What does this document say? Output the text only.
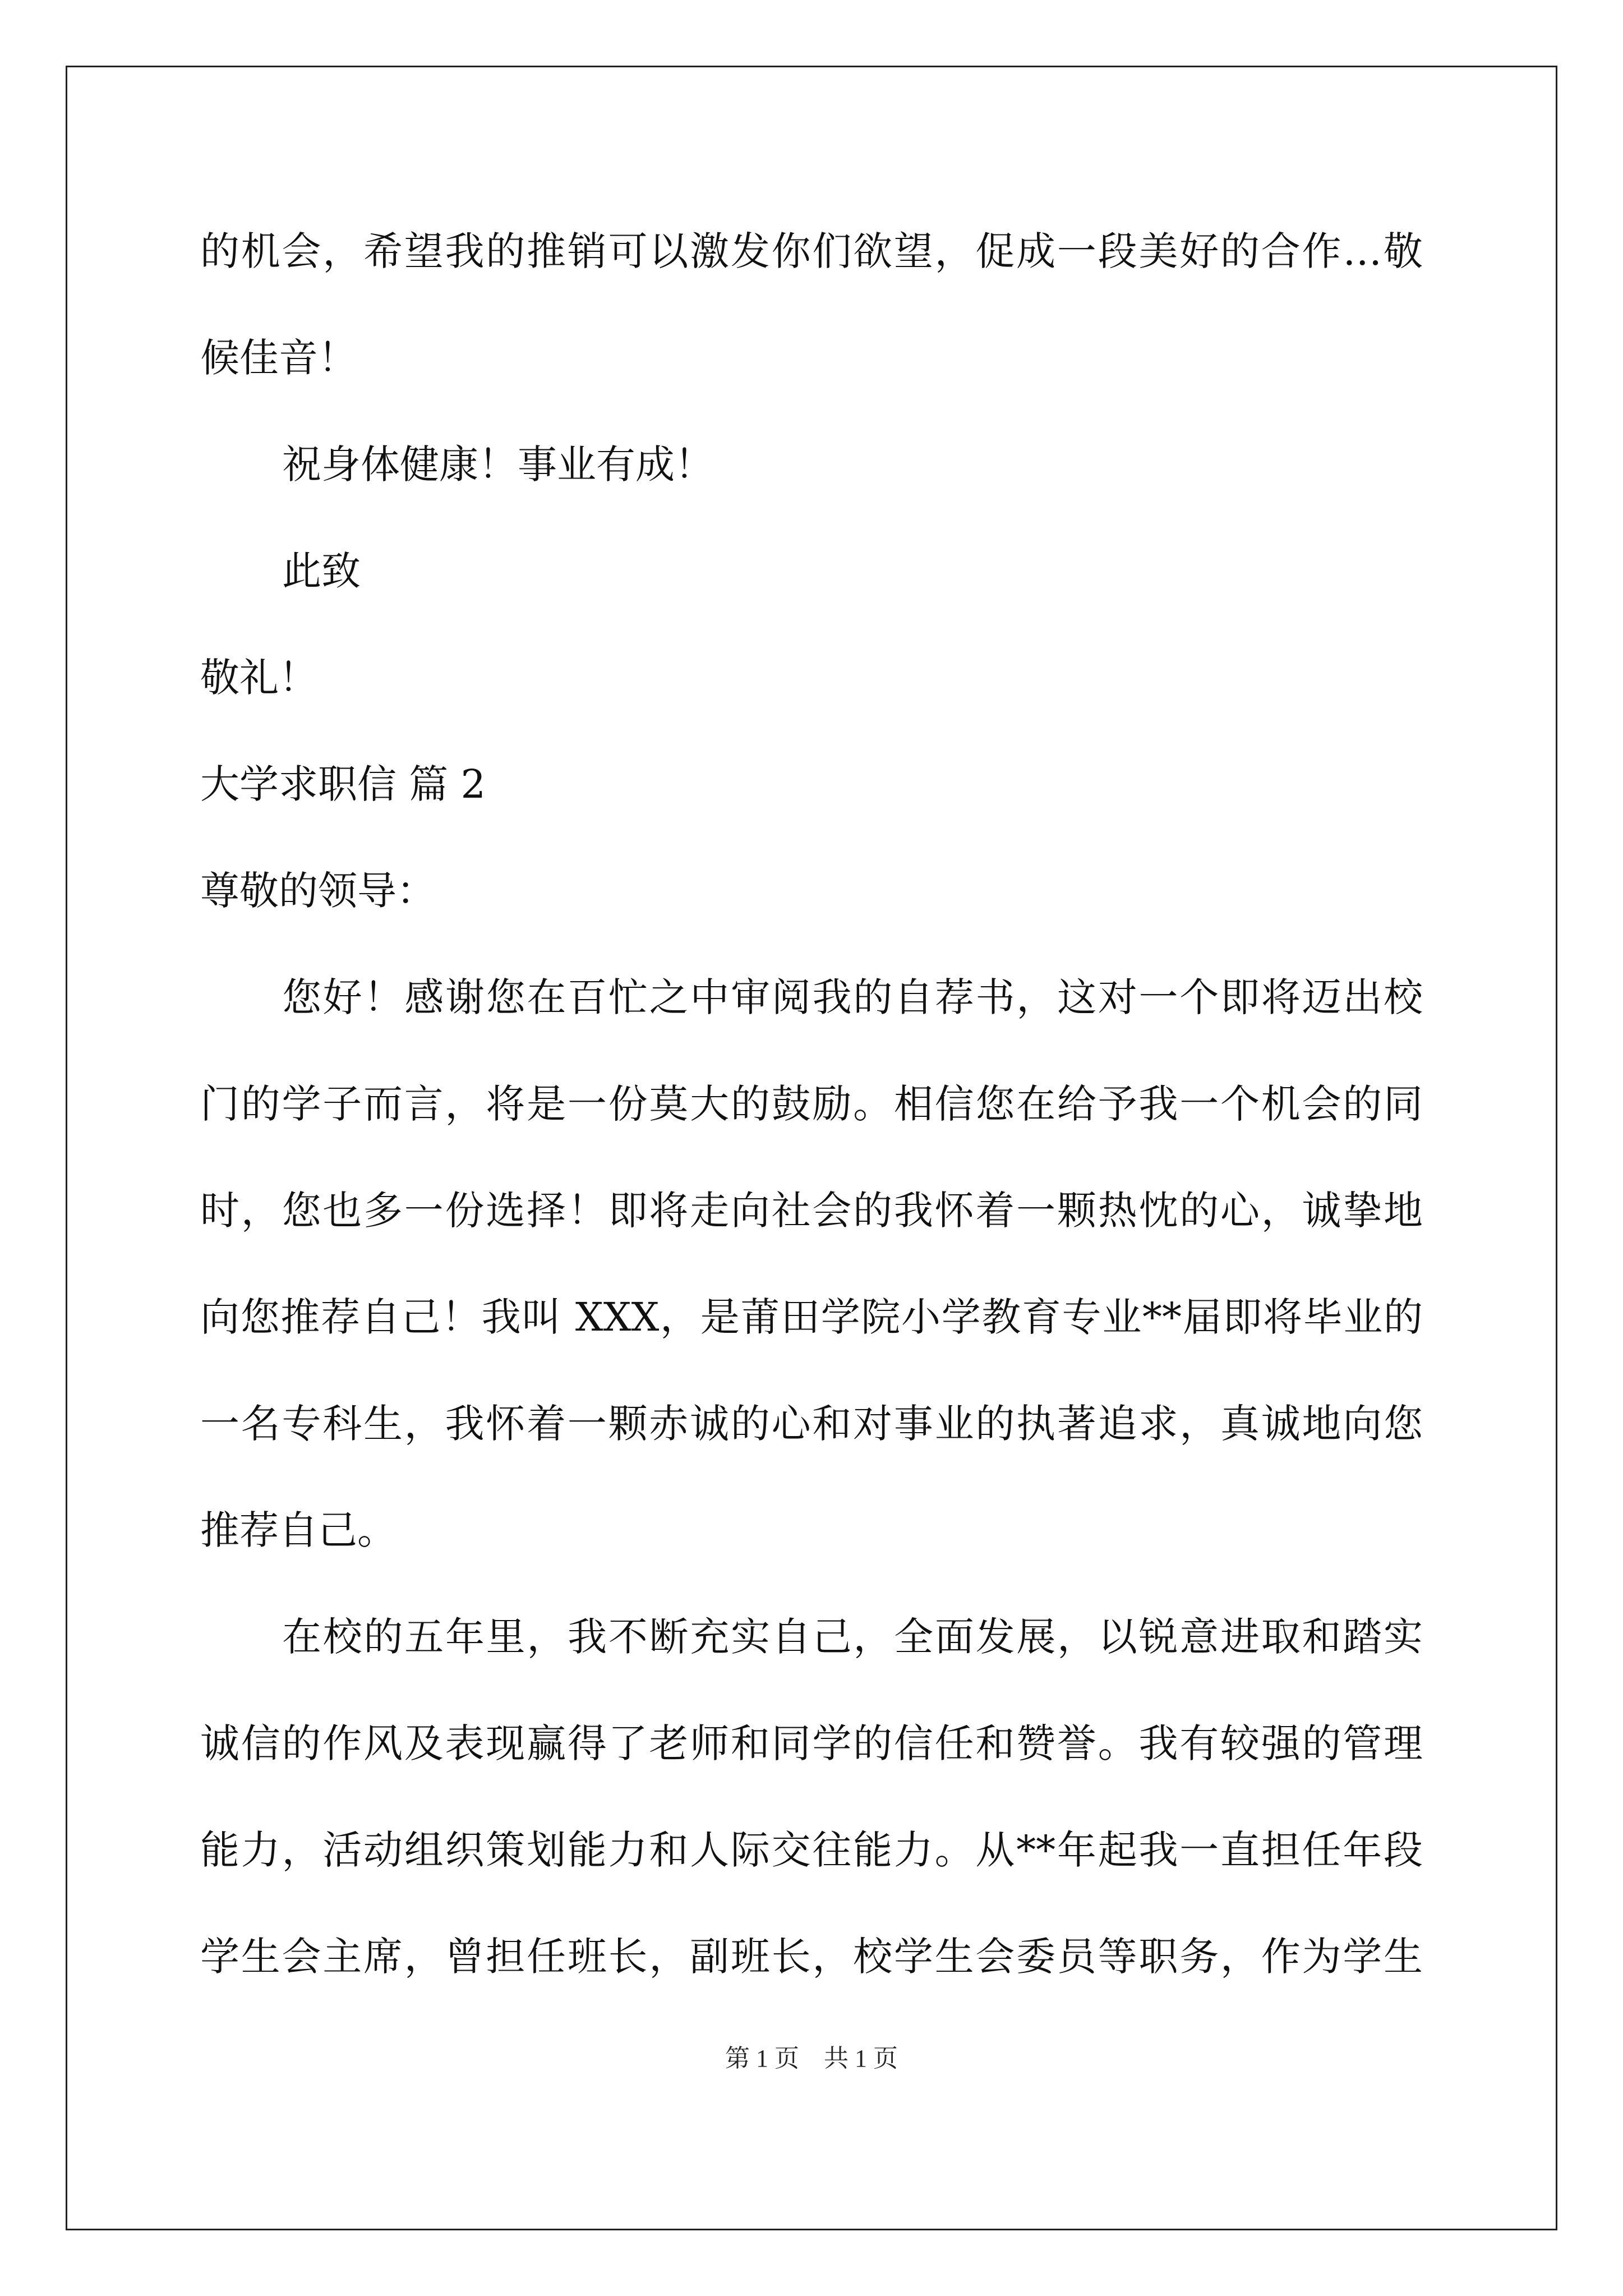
的机会，希望我的推销可以激发你们欲望，促成一段美好的合作…敬
候佳音！
祝身体健康！事业有成！
此致
敬礼！
大学求职信 篇 2
尊敬的领导：
您好！感谢您在百忙之中审阅我的自荐书，这对一个即将迈出校
门的学子而言，将是一份莫大的鼓励。相信您在给予我一个机会的同
时，您也多一份选择！即将走向社会的我怀着一颗热忱的心，诚挚地
向您推荐自己！我叫 XXX，是莆田学院小学教育专业**届即将毕业的
一名专科生，我怀着一颗赤诚的心和对事业的执著追求，真诚地向您
推荐自己。
在校的五年里，我不断充实自己，全面发展，以锐意进取和踏实
诚信的作风及表现赢得了老师和同学的信任和赞誉。我有较强的管理
能力，活动组织策划能力和人际交往能力。从**年起我一直担任年段
学生会主席，曾担任班长，副班长，校学生会委员等职务，作为学生
第 1 页　共 1 页
